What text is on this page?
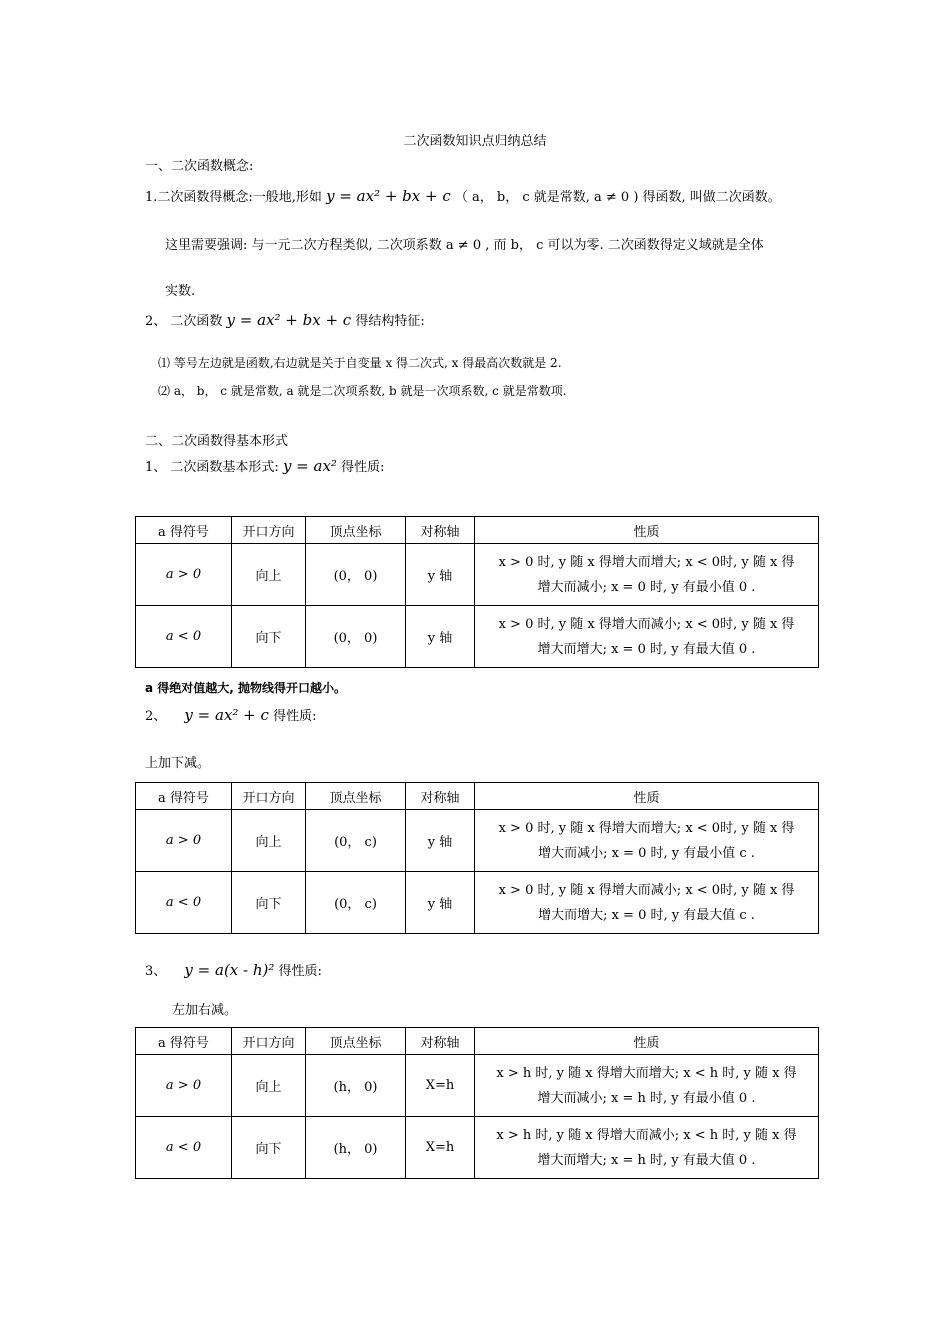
二次函数知识点归纳总结
一、二次函数概念:
1.二次函数得概念:一般地,形如 y = ax² + bx + c （ a， b， c 就是常数, a ≠ 0 ) 得函数, 叫做二次函数。
这里需要强调: 与一元二次方程类似, 二次项系数 a ≠ 0 , 而 b， c 可以为零. 二次函数得定义域就是全体
实数.
2、 二次函数 y = ax² + bx + c 得结构特征:
⑴ 等号左边就是函数,右边就是关于自变量 x 得二次式, x 得最高次数就是 2.
⑵ a， b， c 就是常数, a 就是二次项系数, b 就是一次项系数, c 就是常数项.
二、二次函数得基本形式
1、 二次函数基本形式: y = ax² 得性质:
a 得符号	开口方向	顶点坐标	对称轴	性质
a > 0	向上	(0， 0)	y 轴	x > 0 时, y 随 x 得增大而增大; x < 0时, y 随 x 得
增大而减小; x = 0 时, y 有最小值 0 .

a < 0	向下	(0， 0)	y 轴	x > 0 时, y 随 x 得增大而减小; x < 0时, y 随 x 得
增大而增大; x = 0 时, y 有最大值 0 .
a 得绝对值越大, 抛物线得开口越小。
2、 y = ax² + c 得性质:
上加下减。
a 得符号	开口方向	顶点坐标	对称轴	性质
a > 0	向上	(0， c)	y 轴	x > 0 时, y 随 x 得增大而增大; x < 0时, y 随 x 得
增大而减小; x = 0 时, y 有最小值 c .

a < 0	向下	(0， c)	y 轴	x > 0 时, y 随 x 得增大而减小; x < 0时, y 随 x 得
增大而增大; x = 0 时, y 有最大值 c .
3、 y = a(x - h)² 得性质:
左加右减。
a 得符号	开口方向	顶点坐标	对称轴	性质
a > 0	向上	(h， 0)	X=h	x > h 时, y 随 x 得增大而增大; x < h 时, y 随 x 得
增大而减小; x = h 时, y 有最小值 0 .

a < 0	向下	(h， 0)	X=h	x > h 时, y 随 x 得增大而减小; x < h 时, y 随 x 得
增大而增大; x = h 时, y 有最大值 0 .
